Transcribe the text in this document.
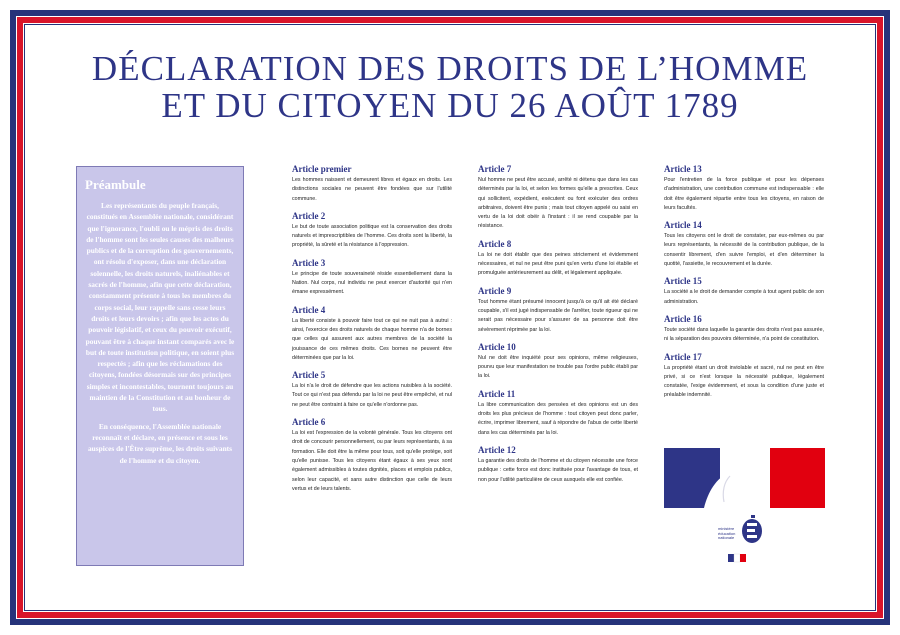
DÉCLARATION DES DROITS DE L’HOMME
ET DU CITOYEN DU 26 AOÛT 1789
Préambule

Les représentants du peuple français, constitués en Assemblée nationale, considérant que l'ignorance, l'oubli ou le mépris des droits de l'homme sont les seules causes des malheurs publics et de la corruption des gouvernements, ont résolu d'exposer, dans une déclaration solennelle, les droits naturels, inaliénables et sacrés de l'homme, afin que cette déclaration, constamment présente à tous les membres du corps social, leur rappelle sans cesse leurs droits et leurs devoirs ; afin que les actes du pouvoir législatif, et ceux du pouvoir exécutif, pouvant être à chaque instant comparés avec le but de toute institution politique, en soient plus respectés ; afin que les réclamations des citoyens, fondées désormais sur des principes simples et incontestables, tournent toujours au maintien de la Constitution et au bonheur de tous.

En conséquence, l'Assemblée nationale reconnaît et déclare, en présence et sous les auspices de l'Être suprême, les droits suivants de l'homme et du citoyen.

Article premier

Les hommes naissent et demeurent libres et égaux en droits. Les distinctions sociales ne peuvent être fondées que sur l'utilité commune.

Article 2

Le but de toute association politique est la conservation des droits naturels et imprescriptibles de l'homme. Ces droits sont la liberté, la propriété, la sûreté et la résistance à l'oppression.

Article 3

Le principe de toute souveraineté réside essentiellement dans la Nation. Nul corps, nul individu ne peut exercer d'autorité qui n'en émane expressément.

Article 4

La liberté consiste à pouvoir faire tout ce qui ne nuit pas à autrui : ainsi, l'exercice des droits naturels de chaque homme n'a de bornes que celles qui assurent aux autres membres de la société la jouissance de ces mêmes droits. Ces bornes ne peuvent être déterminées que par la loi.

Article 5

La loi n'a le droit de défendre que les actions nuisibles à la société. Tout ce qui n'est pas défendu par la loi ne peut être empêché, et nul ne peut être contraint à faire ce qu'elle n'ordonne pas.

Article 6

La loi est l'expression de la volonté générale. Tous les citoyens ont droit de concourir personnellement, ou par leurs représentants, à sa formation. Elle doit être la même pour tous, soit qu'elle protège, soit qu'elle punisse. Tous les citoyens étant égaux à ses yeux sont également admissibles à toutes dignités, places et emplois publics, selon leur capacité, et sans autre distinction que celle de leurs vertus et de leurs talents.

Article 7

Nul homme ne peut être accusé, arrêté ni détenu que dans les cas déterminés par la loi, et selon les formes qu'elle a prescrites. Ceux qui sollicitent, expédient, exécutent ou font exécuter des ordres arbitraires, doivent être punis ; mais tout citoyen appelé ou saisi en vertu de la loi doit obéir à l'instant : il se rend coupable par la résistance.

Article 8

La loi ne doit établir que des peines strictement et évidemment nécessaires, et nul ne peut être puni qu'en vertu d'une loi établie et promulguée antérieurement au délit, et légalement appliquée.

Article 9

Tout homme étant présumé innocent jusqu'à ce qu'il ait été déclaré coupable, s'il est jugé indispensable de l'arrêter, toute rigueur qui ne serait pas nécessaire pour s'assurer de sa personne doit être sévèrement réprimée par la loi.

Article 10

Nul ne doit être inquiété pour ses opinions, même religieuses, pourvu que leur manifestation ne trouble pas l'ordre public établi par la loi.

Article 11

La libre communication des pensées et des opinions est un des droits les plus précieux de l'homme : tout citoyen peut donc parler, écrire, imprimer librement, sauf à répondre de l'abus de cette liberté dans les cas déterminés par la loi.

Article 12

La garantie des droits de l'homme et du citoyen nécessite une force publique : cette force est donc instituée pour l'avantage de tous, et non pour l'utilité particulière de ceux auxquels elle est confiée.

Article 13

Pour l'entretien de la force publique et pour les dépenses d'administration, une contribution commune est indispensable : elle doit être également répartie entre tous les citoyens, en raison de leurs facultés.

Article 14

Tous les citoyens ont le droit de constater, par eux-mêmes ou par leurs représentants, la nécessité de la contribution publique, de la consentir librement, d'en suivre l'emploi, et d'en déterminer la quotité, l'assiette, le recouvrement et la durée.

Article 15

La société a le droit de demander compte à tout agent public de son administration.

Article 16

Toute société dans laquelle la garantie des droits n'est pas assurée, ni la séparation des pouvoirs déterminée, n'a point de constitution.

Article 17

La propriété étant un droit inviolable et sacré, nul ne peut en être privé, si ce n'est lorsque la nécessité publique, légalement constatée, l'exige évidemment, et sous la condition d'une juste et préalable indemnité.

ministère
éducation
nationale
